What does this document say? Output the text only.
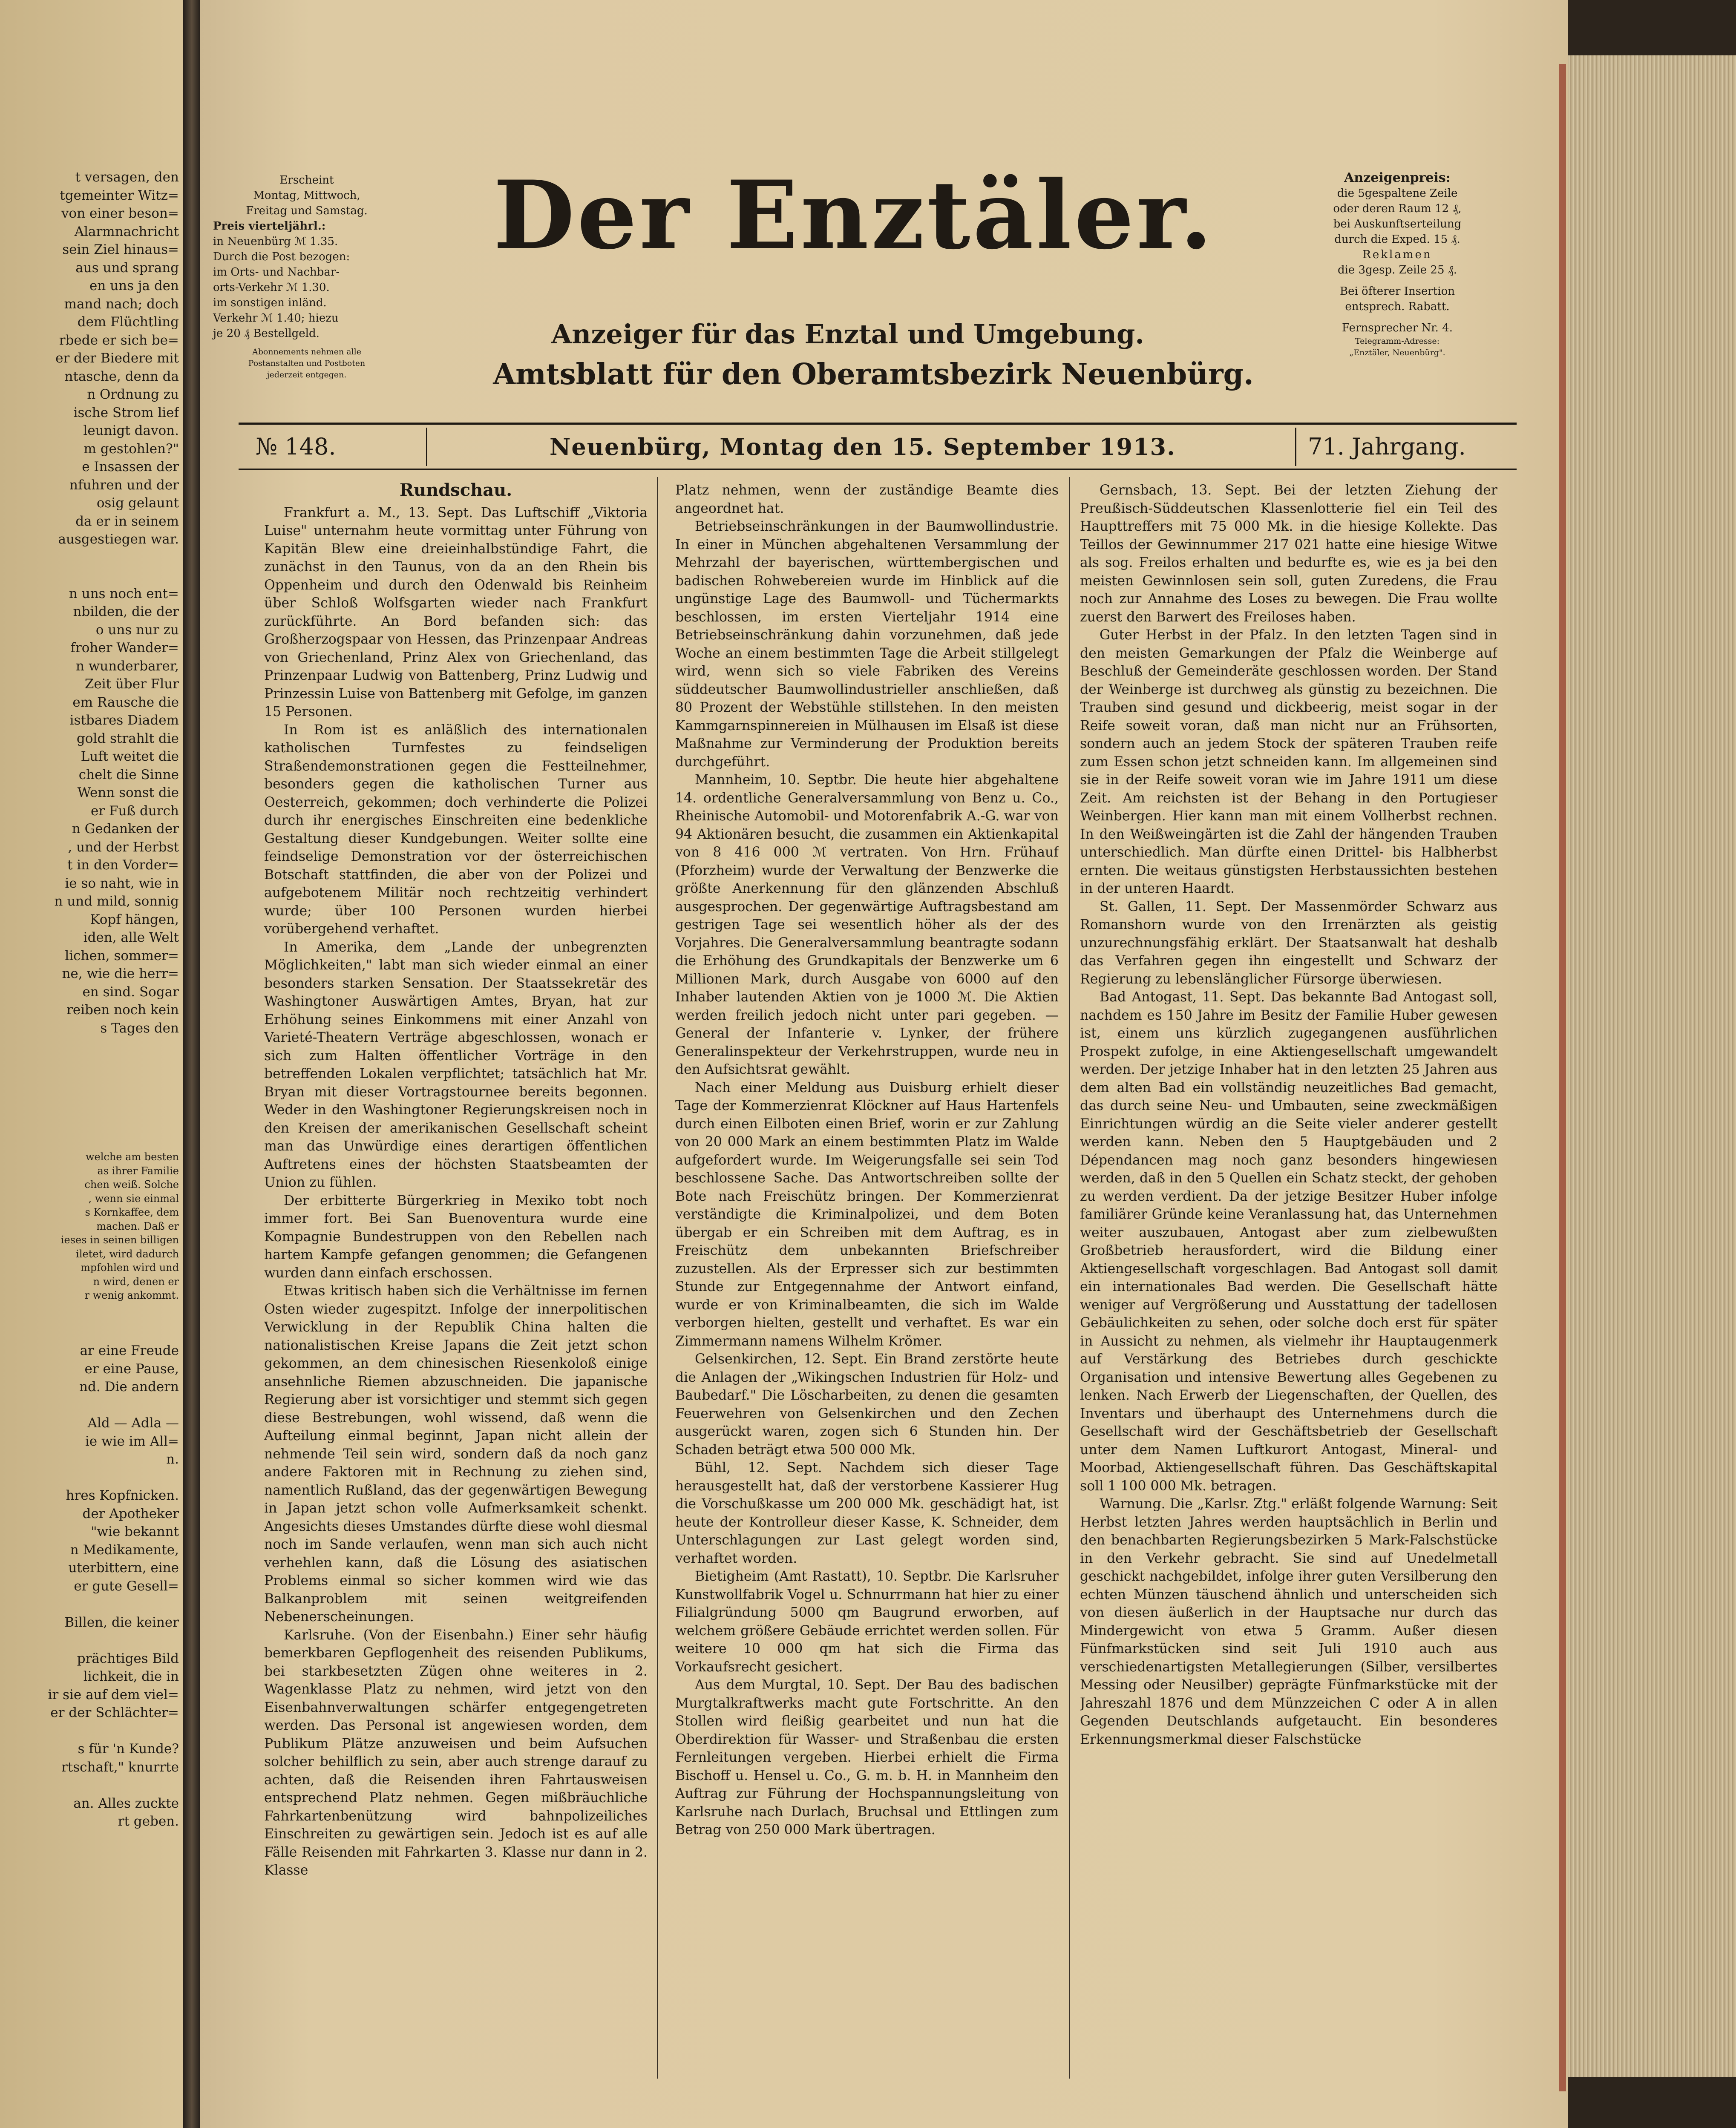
t versagen, den
tgemeinter Witz=
von einer beson=
Alarmnachricht
sein Ziel hinaus=
aus und sprang
en uns ja den
mand nach; doch
dem Flüchtling
rbede er sich be=
er der Biedere mit
ntasche, denn da
n Ordnung zu
ische Strom lief
leunigt davon.
m gestohlen?"
e Insassen der
nfuhren und der
osig gelaunt
da er in seinem
ausgestiegen war.

n uns noch ent=
nbilden, die der
o uns nur zu
froher Wander=
n wunderbarer,
Zeit über Flur
em Rausche die
istbares Diadem
gold strahlt die
Luft weitet die
chelt die Sinne
Wenn sonst die
er Fuß durch
n Gedanken der
, und der Herbst
t in den Vorder=
ie so naht, wie in
n und mild, sonnig
Kopf hängen,
iden, alle Welt
lichen, sommer=
ne, wie die herr=
en sind. Sogar
reiben noch kein
s Tages den
welche am besten
as ihrer Familie
chen weiß. Solche
, wenn sie einmal
s Kornkaffee, dem
machen. Daß er
ieses in seinen billigen
iletet, wird dadurch
mpfohlen wird und
n wird, denen er
r wenig ankommt.
ar eine Freude
er eine Pause,
nd. Die andern

Ald — Adla —
ie wie im All=
n.

hres Kopfnicken.
der Apotheker
"wie bekannt
n Medikamente,
uterbittern, eine
er gute Gesell=

Billen, die keiner

prächtiges Bild
lichkeit, die in
ir sie auf dem viel=
er der Schlächter=

s für 'n Kunde?
rtschaft," knurrte

an. Alles zuckte
rt geben.
Erscheint
Montag, Mittwoch,
Freitag und Samstag.
Preis vierteljährl.:
in Neuenbürg ℳ 1.35.
Durch die Post bezogen:
im Orts- und Nachbar-
orts-Verkehr ℳ 1.30.
im sonstigen inländ.
Verkehr ℳ 1.40; hiezu
je 20 ₰ Bestellgeld.
Abonnements nehmen alle
Postanstalten und Postboten
jederzeit entgegen.
Der Enztäler.
Anzeiger für das Enztal und Umgebung.
Amtsblatt für den Oberamtsbezirk Neuenbürg.
Anzeigenpreis:
die 5gespaltene Zeile
oder deren Raum 12 ₰,
bei Auskunftserteilung
durch die Exped. 15 ₰.
Reklamen
die 3gesp. Zeile 25 ₰.
Bei öfterer Insertion
entsprech. Rabatt.
Fernsprecher Nr. 4.
Telegramm-Adresse:
„Enztäler, Neuenbürg".
№ 148.	Neuenbürg, Montag den 15. September 1913.	71. Jahrgang.

Rundschau.

Frankfurt a. M., 13. Sept. Das Luftschiff „Viktoria Luise" unternahm heute vormittag unter Führung von Kapitän Blew eine dreieinhalbstündige Fahrt, die zunächst in den Taunus, von da an den Rhein bis Oppenheim und durch den Odenwald bis Reinheim über Schloß Wolfsgarten wieder nach Frankfurt zurückführte. An Bord befanden sich: das Großherzogspaar von Hessen, das Prinzenpaar Andreas von Griechenland, Prinz Alex von Griechenland, das Prinzenpaar Ludwig von Battenberg, Prinz Ludwig und Prinzessin Luise von Battenberg mit Gefolge, im ganzen 15 Personen.

In Rom ist es anläßlich des internationalen katholischen Turnfestes zu feindseligen Straßendemonstrationen gegen die Festteilnehmer, besonders gegen die katholischen Turner aus Oesterreich, gekommen; doch verhinderte die Polizei durch ihr energisches Einschreiten eine bedenkliche Gestaltung dieser Kundgebungen. Weiter sollte eine feindselige Demonstration vor der österreichischen Botschaft stattfinden, die aber von der Polizei und aufgebotenem Militär noch rechtzeitig verhindert wurde; über 100 Personen wurden hierbei vorübergehend verhaftet.

In Amerika, dem „Lande der unbegrenzten Möglichkeiten," labt man sich wieder einmal an einer besonders starken Sensation. Der Staatssekretär des Washingtoner Auswärtigen Amtes, Bryan, hat zur Erhöhung seines Einkommens mit einer Anzahl von Varieté-Theatern Verträge abgeschlossen, wonach er sich zum Halten öffentlicher Vorträge in den betreffenden Lokalen verpflichtet; tatsächlich hat Mr. Bryan mit dieser Vortragstournee bereits begonnen. Weder in den Washingtoner Regierungskreisen noch in den Kreisen der amerikanischen Gesellschaft scheint man das Unwürdige eines derartigen öffentlichen Auftretens eines der höchsten Staatsbeamten der Union zu fühlen.

Der erbitterte Bürgerkrieg in Mexiko tobt noch immer fort. Bei San Buenoventura wurde eine Kompagnie Bundestruppen von den Rebellen nach hartem Kampfe gefangen genommen; die Gefangenen wurden dann einfach erschossen.

Etwas kritisch haben sich die Verhältnisse im fernen Osten wieder zugespitzt. Infolge der innerpolitischen Verwicklung in der Republik China halten die nationalistischen Kreise Japans die Zeit jetzt schon gekommen, an dem chinesischen Riesenkoloß einige ansehnliche Riemen abzuschneiden. Die japanische Regierung aber ist vorsichtiger und stemmt sich gegen diese Bestrebungen, wohl wissend, daß wenn die Aufteilung einmal beginnt, Japan nicht allein der nehmende Teil sein wird, sondern daß da noch ganz andere Faktoren mit in Rechnung zu ziehen sind, namentlich Rußland, das der gegenwärtigen Bewegung in Japan jetzt schon volle Aufmerksamkeit schenkt. Angesichts dieses Umstandes dürfte diese wohl diesmal noch im Sande verlaufen, wenn man sich auch nicht verhehlen kann, daß die Lösung des asiatischen Problems einmal so sicher kommen wird wie das Balkanproblem mit seinen weitgreifenden Nebenerscheinungen.

Karlsruhe. (Von der Eisenbahn.) Einer sehr häufig bemerkbaren Gepflogenheit des reisenden Publikums, bei starkbesetzten Zügen ohne weiteres in 2. Wagenklasse Platz zu nehmen, wird jetzt von den Eisenbahnverwaltungen schärfer entgegengetreten werden. Das Personal ist angewiesen worden, dem Publikum Plätze anzuweisen und beim Aufsuchen solcher behilflich zu sein, aber auch strenge darauf zu achten, daß die Reisenden ihren Fahrtausweisen entsprechend Platz nehmen. Gegen mißbräuchliche Fahrkartenbenützung wird bahnpolizeiliches Einschreiten zu gewärtigen sein. Jedoch ist es auf alle Fälle Reisenden mit Fahrkarten 3. Klasse nur dann in 2. Klasse

Platz nehmen, wenn der zuständige Beamte dies angeordnet hat.

Betriebseinschränkungen in der Baumwollindustrie. In einer in München abgehaltenen Versammlung der Mehrzahl der bayerischen, württembergischen und badischen Rohwebereien wurde im Hinblick auf die ungünstige Lage des Baumwoll- und Tüchermarkts beschlossen, im ersten Vierteljahr 1914 eine Betriebseinschränkung dahin vorzunehmen, daß jede Woche an einem bestimmten Tage die Arbeit stillgelegt wird, wenn sich so viele Fabriken des Vereins süddeutscher Baumwollindustrieller anschließen, daß 80 Prozent der Webstühle stillstehen. In den meisten Kammgarnspinnereien in Mülhausen im Elsaß ist diese Maßnahme zur Verminderung der Produktion bereits durchgeführt.

Mannheim, 10. Septbr. Die heute hier abgehaltene 14. ordentliche Generalversammlung von Benz u. Co., Rheinische Automobil- und Motorenfabrik A.-G. war von 94 Aktionären besucht, die zusammen ein Aktienkapital von 8 416 000 ℳ vertraten. Von Hrn. Frühauf (Pforzheim) wurde der Verwaltung der Benzwerke die größte Anerkennung für den glänzenden Abschluß ausgesprochen. Der gegenwärtige Auftragsbestand am gestrigen Tage sei wesentlich höher als der des Vorjahres. Die Generalversammlung beantragte sodann die Erhöhung des Grundkapitals der Benzwerke um 6 Millionen Mark, durch Ausgabe von 6000 auf den Inhaber lautenden Aktien von je 1000 ℳ. Die Aktien werden freilich jedoch nicht unter pari gegeben. — General der Infanterie v. Lynker, der frühere Generalinspekteur der Verkehrstruppen, wurde neu in den Aufsichtsrat gewählt.

Nach einer Meldung aus Duisburg erhielt dieser Tage der Kommerzienrat Klöckner auf Haus Hartenfels durch einen Eilboten einen Brief, worin er zur Zahlung von 20 000 Mark an einem bestimmten Platz im Walde aufgefordert wurde. Im Weigerungsfalle sei sein Tod beschlossene Sache. Das Antwortschreiben sollte der Bote nach Freischütz bringen. Der Kommerzienrat verständigte die Kriminalpolizei, und dem Boten übergab er ein Schreiben mit dem Auftrag, es in Freischütz dem unbekannten Briefschreiber zuzustellen. Als der Erpresser sich zur bestimmten Stunde zur Entgegennahme der Antwort einfand, wurde er von Kriminalbeamten, die sich im Walde verborgen hielten, gestellt und verhaftet. Es war ein Zimmermann namens Wilhelm Krömer.

Gelsenkirchen, 12. Sept. Ein Brand zerstörte heute die Anlagen der „Wikingschen Industrien für Holz- und Baubedarf." Die Löscharbeiten, zu denen die gesamten Feuerwehren von Gelsenkirchen und den Zechen ausgerückt waren, zogen sich 6 Stunden hin. Der Schaden beträgt etwa 500 000 Mk.

Bühl, 12. Sept. Nachdem sich dieser Tage herausgestellt hat, daß der verstorbene Kassierer Hug die Vorschußkasse um 200 000 Mk. geschädigt hat, ist heute der Kontrolleur dieser Kasse, K. Schneider, dem Unterschlagungen zur Last gelegt worden sind, verhaftet worden.

Bietigheim (Amt Rastatt), 10. Septbr. Die Karlsruher Kunstwollfabrik Vogel u. Schnurrmann hat hier zu einer Filialgründung 5000 qm Baugrund erworben, auf welchem größere Gebäude errichtet werden sollen. Für weitere 10 000 qm hat sich die Firma das Vorkaufsrecht gesichert.

Aus dem Murgtal, 10. Sept. Der Bau des badischen Murgtalkraftwerks macht gute Fortschritte. An den Stollen wird fleißig gearbeitet und nun hat die Oberdirektion für Wasser- und Straßenbau die ersten Fernleitungen vergeben. Hierbei erhielt die Firma Bischoff u. Hensel u. Co., G. m. b. H. in Mannheim den Auftrag zur Führung der Hochspannungsleitung von Karlsruhe nach Durlach, Bruchsal und Ettlingen zum Betrag von 250 000 Mark übertragen.

Gernsbach, 13. Sept. Bei der letzten Ziehung der Preußisch-Süddeutschen Klassenlotterie fiel ein Teil des Haupttreffers mit 75 000 Mk. in die hiesige Kollekte. Das Teillos der Gewinnummer 217 021 hatte eine hiesige Witwe als sog. Freilos erhalten und bedurfte es, wie es ja bei den meisten Gewinnlosen sein soll, guten Zuredens, die Frau noch zur Annahme des Loses zu bewegen. Die Frau wollte zuerst den Barwert des Freiloses haben.

Guter Herbst in der Pfalz. In den letzten Tagen sind in den meisten Gemarkungen der Pfalz die Weinberge auf Beschluß der Gemeinderäte geschlossen worden. Der Stand der Weinberge ist durchweg als günstig zu bezeichnen. Die Trauben sind gesund und dickbeerig, meist sogar in der Reife soweit voran, daß man nicht nur an Frühsorten, sondern auch an jedem Stock der späteren Trauben reife zum Essen schon jetzt schneiden kann. Im allgemeinen sind sie in der Reife soweit voran wie im Jahre 1911 um diese Zeit. Am reichsten ist der Behang in den Portugieser Weinbergen. Hier kann man mit einem Vollherbst rechnen. In den Weißweingärten ist die Zahl der hängenden Trauben unterschiedlich. Man dürfte einen Drittel- bis Halbherbst ernten. Die weitaus günstigsten Herbstaussichten bestehen in der unteren Haardt.

St. Gallen, 11. Sept. Der Massenmörder Schwarz aus Romanshorn wurde von den Irrenärzten als geistig unzurechnungsfähig erklärt. Der Staatsanwalt hat deshalb das Verfahren gegen ihn eingestellt und Schwarz der Regierung zu lebenslänglicher Fürsorge überwiesen.

Bad Antogast, 11. Sept. Das bekannte Bad Antogast soll, nachdem es 150 Jahre im Besitz der Familie Huber gewesen ist, einem uns kürzlich zugegangenen ausführlichen Prospekt zufolge, in eine Aktiengesellschaft umgewandelt werden. Der jetzige Inhaber hat in den letzten 25 Jahren aus dem alten Bad ein vollständig neuzeitliches Bad gemacht, das durch seine Neu- und Umbauten, seine zweckmäßigen Einrichtungen würdig an die Seite vieler anderer gestellt werden kann. Neben den 5 Hauptgebäuden und 2 Dépendancen mag noch ganz besonders hingewiesen werden, daß in den 5 Quellen ein Schatz steckt, der gehoben zu werden verdient. Da der jetzige Besitzer Huber infolge familiärer Gründe keine Veranlassung hat, das Unternehmen weiter auszubauen, Antogast aber zum zielbewußten Großbetrieb herausfordert, wird die Bildung einer Aktiengesellschaft vorgeschlagen. Bad Antogast soll damit ein internationales Bad werden. Die Gesellschaft hätte weniger auf Vergrößerung und Ausstattung der tadellosen Gebäulichkeiten zu sehen, oder solche doch erst für später in Aussicht zu nehmen, als vielmehr ihr Hauptaugenmerk auf Verstärkung des Betriebes durch geschickte Organisation und intensive Bewertung alles Gegebenen zu lenken. Nach Erwerb der Liegenschaften, der Quellen, des Inventars und überhaupt des Unternehmens durch die Gesellschaft wird der Geschäftsbetrieb der Gesellschaft unter dem Namen Luftkurort Antogast, Mineral- und Moorbad, Aktiengesellschaft führen. Das Geschäftskapital soll 1 100 000 Mk. betragen.

Warnung. Die „Karlsr. Ztg." erläßt folgende Warnung: Seit Herbst letzten Jahres werden hauptsächlich in Berlin und den benachbarten Regierungsbezirken 5 Mark-Falschstücke in den Verkehr gebracht. Sie sind auf Unedelmetall geschickt nachgebildet, infolge ihrer guten Versilberung den echten Münzen täuschend ähnlich und unterscheiden sich von diesen äußerlich in der Hauptsache nur durch das Mindergewicht von etwa 5 Gramm. Außer diesen Fünfmarkstücken sind seit Juli 1910 auch aus verschiedenartigsten Metallegierungen (Silber, versilbertes Messing oder Neusilber) geprägte Fünfmarkstücke mit der Jahreszahl 1876 und dem Münzzeichen C oder A in allen Gegenden Deutschlands aufgetaucht. Ein besonderes Erkennungsmerkmal dieser Falschstücke
